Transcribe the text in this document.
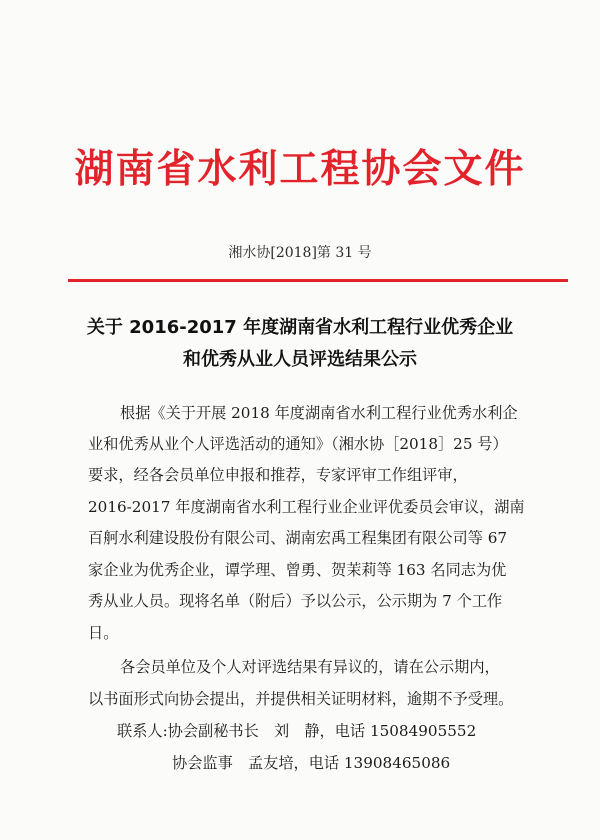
湖南省水利工程协会文件
湘水协[2018]第 31 号
关于 2016-2017 年度湖南省水利工程行业优秀企业
和优秀从业人员评选结果公示
根据《关于开展 2018 年度湖南省水利工程行业优秀水利企
业和优秀从业个人评选活动的通知》（湘水协［2018］25 号）
要求，经各会员单位申报和推荐，专家评审工作组评审，
2016-2017 年度湖南省水利工程行业企业评优委员会审议，湖南
百舸水利建设股份有限公司、湖南宏禹工程集团有限公司等 67
家企业为优秀企业，谭学理、曾勇、贺茉莉等 163 名同志为优
秀从业人员。现将名单（附后）予以公示，公示期为 7 个工作
日。
各会员单位及个人对评选结果有异议的，请在公示期内，
以书面形式向协会提出，并提供相关证明材料，逾期不予受理。
联系人:协会副秘书长　刘　静，电话 15084905552
协会监事　孟友培，电话 13908465086
